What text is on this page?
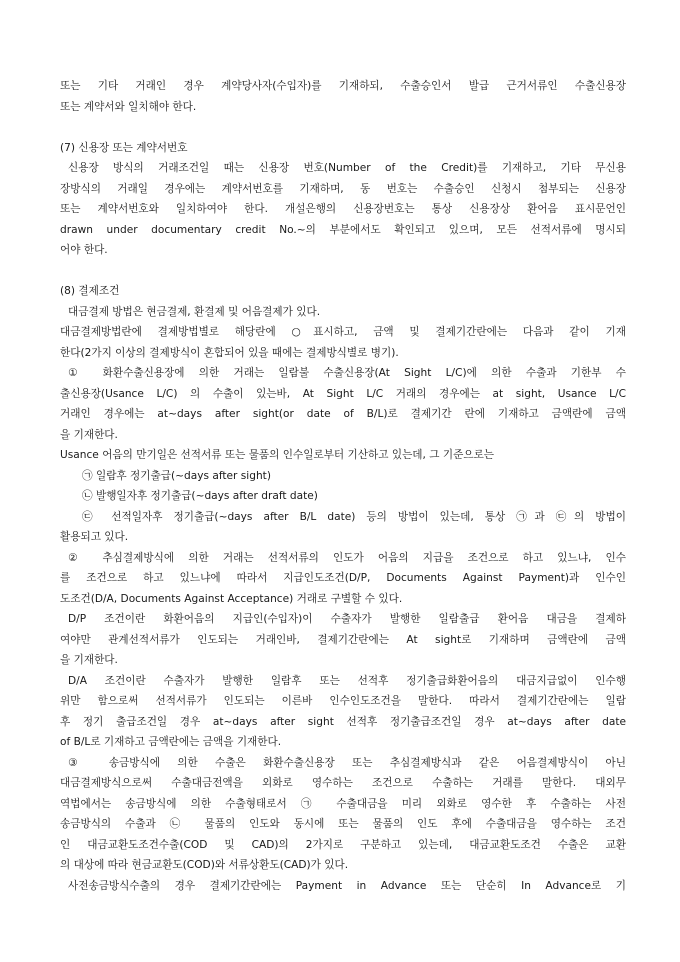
또는 기타 거래인 경우 계약당사자(수입자)를 기재하되, 수출승인서 발급 근거서류인 수출신용장
또는 계약서와 일치해야 한다.
(7) 신용장 또는 계약서번호
신용장 방식의 거래조건일 때는 신용장 번호(Number of the Credit)를 기재하고, 기타 무신용
장방식의 거래일 경우에는 계약서번호를 기재하며, 동 번호는 수출승인 신청시 첨부되는 신용장
또는 계약서번호와 일치하여야 한다. 개설은행의 신용장번호는 통상 신용장상 환어음 표시문언인
drawn under documentary credit No.~의 부분에서도 확인되고 있으며, 모든 선적서류에 명시되
어야 한다.
(8) 결제조건
대금결제 방법은 현금결제, 환결제 및 어음결제가 있다.
대금결제방법란에 결제방법별로 해당란에 ○표시하고, 금액 및 결제기간란에는 다음과 같이 기재
한다(2가지 이상의 결제방식이 혼합되어 있을 때에는 결제방식별로 병기).
① 화환수출신용장에 의한 거래는 일람불 수출신용장(At Sight L/C)에 의한 수출과 기한부 수
출신용장(Usance L/C) 의 수출이 있는바, At Sight L/C 거래의 경우에는 at sight, Usance L/C
거래인 경우에는 at~days after sight(or date of B/L)로 결제기간 란에 기재하고 금액란에 금액
을 기재한다.
Usance 어음의 만기일은 선적서류 또는 물품의 인수일로부터 기산하고 있는데, 그 기준으로는
㉠ 일람후 정기출급(~days after sight)
㉡ 발행일자후 정기출급(~days after draft date)
㉢ 선적일자후 정기출급(~days after B/L date) 등의 방법이 있는데, 통상 ㉠과 ㉢의 방법이
활용되고 있다.
② 추심결제방식에 의한 거래는 선적서류의 인도가 어음의 지급을 조건으로 하고 있느냐, 인수
를 조건으로 하고 있느냐에 따라서 지급인도조건(D/P, Documents Against Payment)과 인수인
도조건(D/A, Documents Against Acceptance) 거래로 구별할 수 있다.
D/P 조건이란 화환어음의 지급인(수입자)이 수출자가 발행한 일람출급 환어음 대금을 결제하
여야만 관계선적서류가 인도되는 거래인바, 결제기간란에는 At sight로 기재하며 금액란에 금액
을 기재한다.
D/A 조건이란 수출자가 발행한 일람후 또는 선적후 정기출급화환어음의 대금지급없이 인수행
위만 함으로써 선적서류가 인도되는 이른바 인수인도조건을 말한다. 따라서 결제기간란에는 일람
후 정기 출급조건일 경우 at~days after sight 선적후 정기출급조건일 경우 at~days after date
of B/L로 기재하고 금액란에는 금액을 기재한다.
③ 송금방식에 의한 수출은 화환수출신용장 또는 추심결제방식과 같은 어음결제방식이 아닌
대금결제방식으로써 수출대금전액을 외화로 영수하는 조건으로 수출하는 거래를 말한다. 대외무
역법에서는 송금방식에 의한 수출형태로서 ㉠ 수출대금을 미리 외화로 영수한 후 수출하는 사전
송금방식의 수출과 ㉡ 물품의 인도와 동시에 또는 물품의 인도 후에 수출대금을 영수하는 조건
인 대금교환도조건수출(COD 및 CAD)의 2가지로 구분하고 있는데, 대금교환도조건 수출은 교환
의 대상에 따라 현금교환도(COD)와 서류상환도(CAD)가 있다.
사전송금방식수출의 경우 결제기간란에는 Payment in Advance 또는 단순히 In Advance로 기
